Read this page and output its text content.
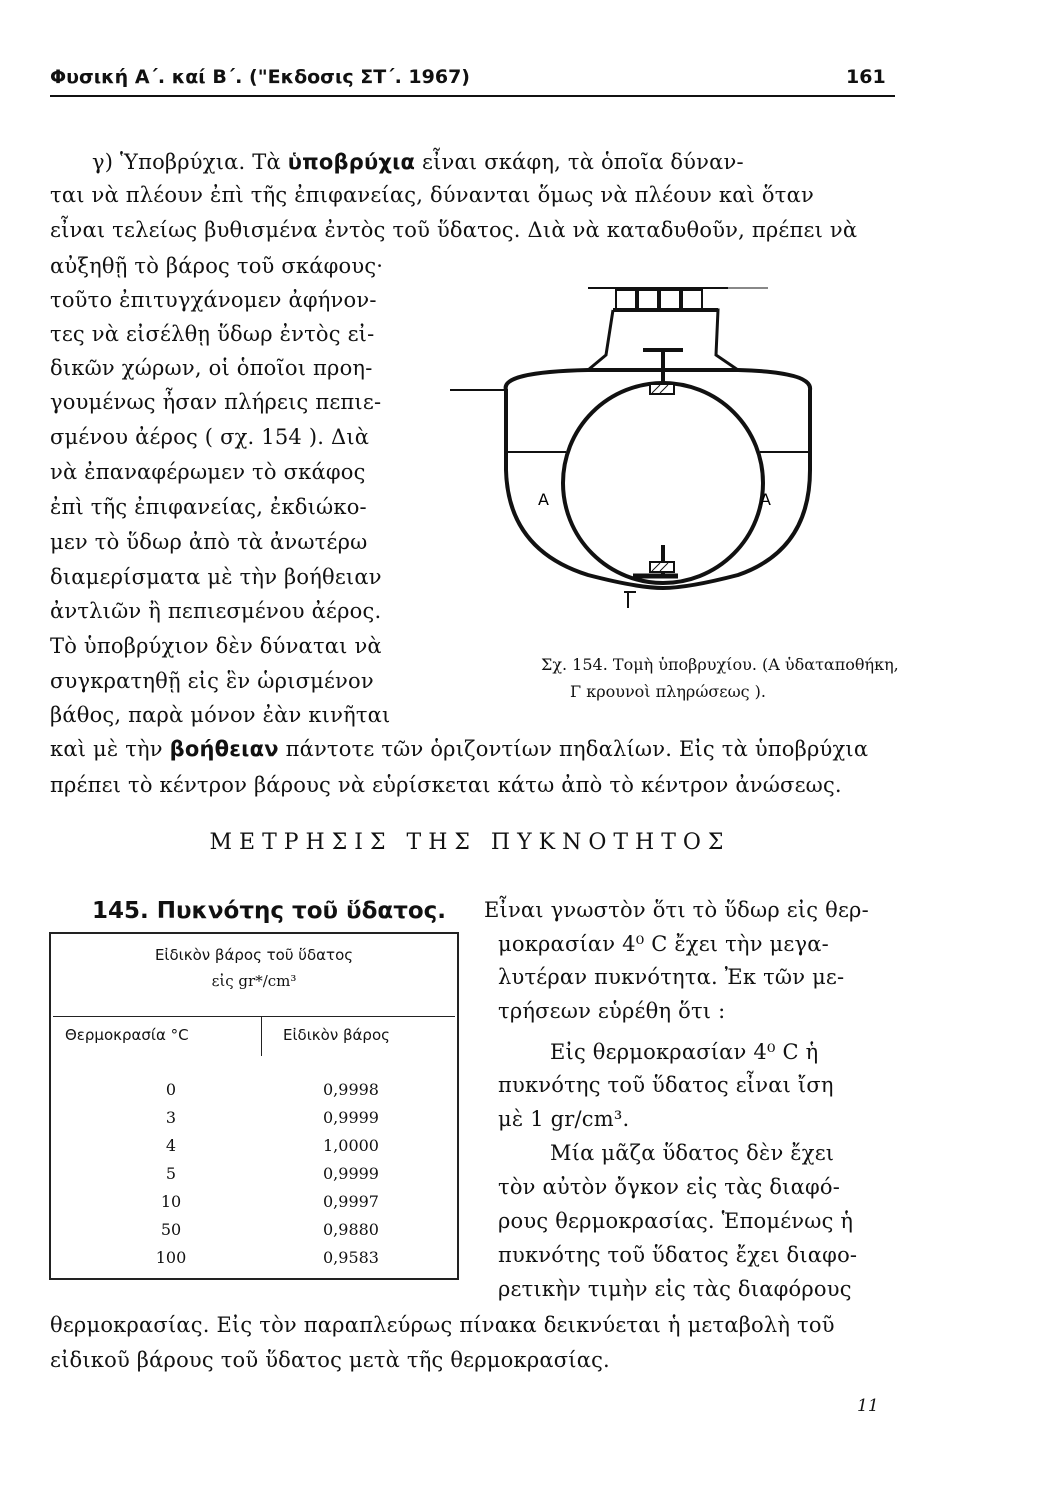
Φυσική Α΄. καί Β΄. ("Εκδοσις ΣΤ΄. 1967)	161
γ) Ὑποβρύχια. Τὰ ὑποβρύχια εἶναι σκάφη, τὰ ὁποῖα δύναν-
ται νὰ πλέουν ἐπὶ τῆς ἐπιφανείας, δύνανται ὅμως νὰ πλέουν καὶ ὅταν
εἶναι τελείως βυθισμένα ἐντὸς τοῦ ὕδατος. Διὰ νὰ καταδυθοῦν, πρέπει νὰ
αὐξηθῇ τὸ βάρος τοῦ σκάφους·
τοῦτο ἐπιτυγχάνομεν ἀφήνον-
τες νὰ εἰσέλθῃ ὕδωρ ἐντὸς εἰ-
δικῶν χώρων, οἱ ὁποῖοι προη-
γουμένως ἦσαν πλήρεις πεπιε-
σμένου ἀέρος ( σχ. 154 ). Διὰ
νὰ ἐπαναφέρωμεν τὸ σκάφος
ἐπὶ τῆς ἐπιφανείας, ἐκδιώκο-
μεν τὸ ὕδωρ ἀπὸ τὰ ἀνωτέρω
διαμερίσματα μὲ τὴν βοήθειαν
ἀντλιῶν ἢ πεπιεσμένου ἀέρος.
Τὸ ὑποβρύχιον δὲν δύναται νὰ
συγκρατηθῇ εἰς ἓν ὡρισμένον
βάθος, παρὰ μόνον ἐὰν κινῆται
καὶ μὲ τὴν βοήθειαν πάντοτε τῶν ὁριζοντίων πηδαλίων. Εἰς τὰ ὑποβρύχια
πρέπει τὸ κέντρον βάρους νὰ εὑρίσκεται κάτω ἀπὸ τὸ κέντρον ἀνώσεως.
A	A
Σχ. 154. Τομὴ ὑποβρυχίου. (Α ὑδαταποθήκη,
Γ κρουνοὶ πληρώσεως ).
ΜΕΤΡΗΣΙΣ ΤΗΣ ΠΥΚΝΟΤΗΤΟΣ
145. Πυκνότης τοῦ ὕδατος.
Εἰδικὸν βάρος τοῦ ὕδατος
εἰς gr*/cm³
Θερμοκρασία °C	Εἰδικὸν βάρος
0	0,9998
3	0,9999
4	1,0000
5	0,9999
10	0,9997
50	0,9880
100	0,9583
Εἶναι γνωστὸν ὅτι τὸ ὕδωρ εἰς θερ-
μοκρασίαν 4⁰ C ἔχει τὴν μεγα-
λυτέραν πυκνότητα. Ἐκ τῶν με-
τρήσεων εὑρέθη ὅτι :
Εἰς θερμοκρασίαν 4⁰ C ἡ
πυκνότης τοῦ ὕδατος εἶναι ἴση
μὲ 1 gr/cm³.
Μία μᾶζα ὕδατος δὲν ἔχει
τὸν αὐτὸν ὄγκον εἰς τὰς διαφό-
ρους θερμοκρασίας. Ἑπομένως ἡ
πυκνότης τοῦ ὕδατος ἔχει διαφο-
ρετικὴν τιμὴν εἰς τὰς διαφόρους
θερμοκρασίας. Εἰς τὸν παραπλεύρως πίνακα δεικνύεται ἡ μεταβολὴ τοῦ
εἰδικοῦ βάρους τοῦ ὕδατος μετὰ τῆς θερμοκρασίας.
11
